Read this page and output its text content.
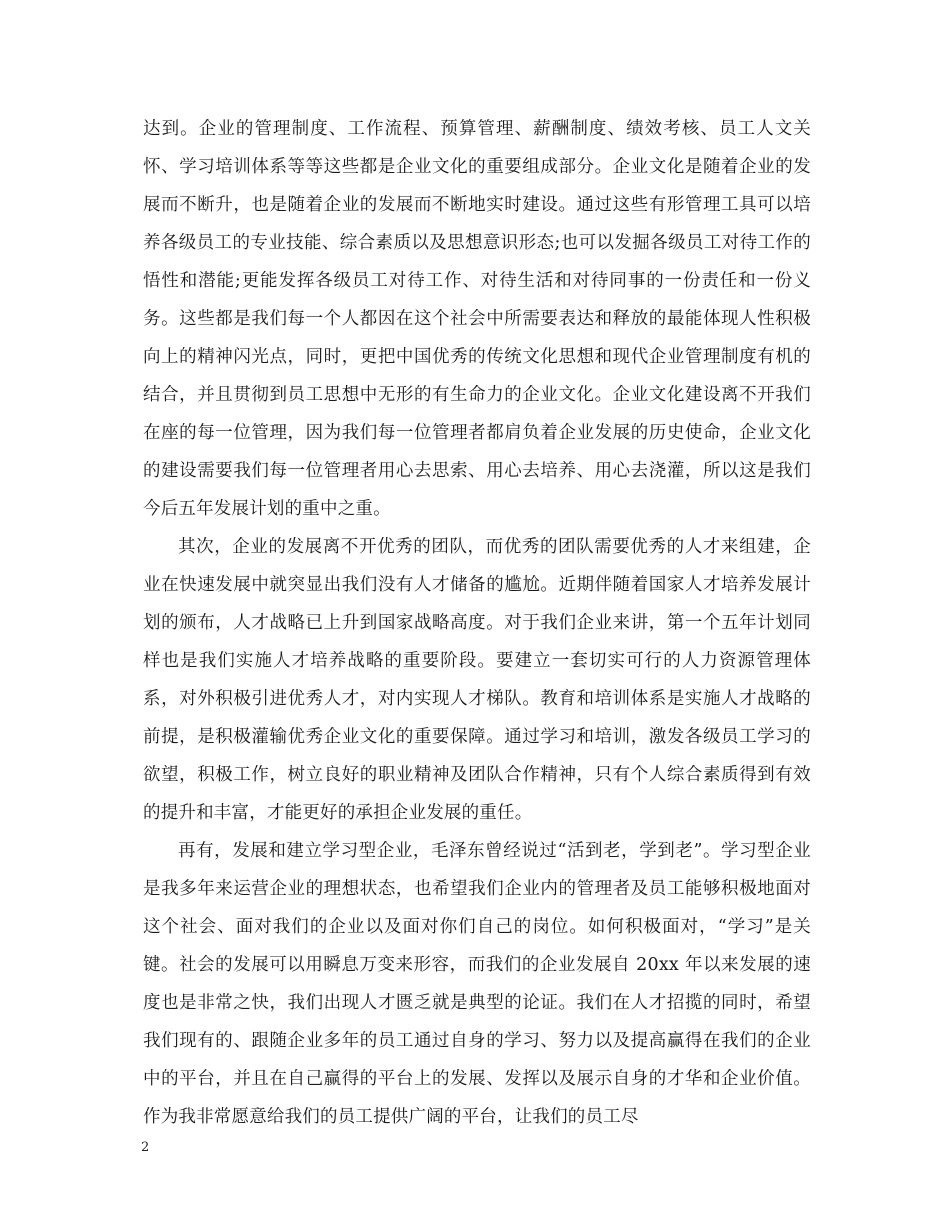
达到。企业的管理制度、工作流程、预算管理、薪酬制度、绩效考核、员工人文关怀、学习培训体系等等这些都是企业文化的重要组成部分。企业文化是随着企业的发展而不断升，也是随着企业的发展而不断地实时建设。通过这些有形管理工具可以培养各级员工的专业技能、综合素质以及思想意识形态;也可以发掘各级员工对待工作的悟性和潜能;更能发挥各级员工对待工作、对待生活和对待同事的一份责任和一份义务。这些都是我们每一个人都因在这个社会中所需要表达和释放的最能体现人性积极向上的精神闪光点，同时，更把中国优秀的传统文化思想和现代企业管理制度有机的结合，并且贯彻到员工思想中无形的有生命力的企业文化。企业文化建设离不开我们在座的每一位管理，因为我们每一位管理者都肩负着企业发展的历史使命，企业文化的建设需要我们每一位管理者用心去思索、用心去培养、用心去浇灌，所以这是我们今后五年发展计划的重中之重。

其次，企业的发展离不开优秀的团队，而优秀的团队需要优秀的人才来组建，企业在快速发展中就突显出我们没有人才储备的尴尬。近期伴随着国家人才培养发展计划的颁布，人才战略已上升到国家战略高度。对于我们企业来讲，第一个五年计划同样也是我们实施人才培养战略的重要阶段。要建立一套切实可行的人力资源管理体系，对外积极引进优秀人才，对内实现人才梯队。教育和培训体系是实施人才战略的前提，是积极灌输优秀企业文化的重要保障。通过学习和培训，激发各级员工学习的欲望，积极工作，树立良好的职业精神及团队合作精神，只有个人综合素质得到有效的提升和丰富，才能更好的承担企业发展的重任。

再有，发展和建立学习型企业，毛泽东曾经说过“活到老，学到老”。学习型企业是我多年来运营企业的理想状态，也希望我们企业内的管理者及员工能够积极地面对这个社会、面对我们的企业以及面对你们自己的岗位。如何积极面对，“学习”是关键。社会的发展可以用瞬息万变来形容，而我们的企业发展自 20xx 年以来发展的速度也是非常之快，我们出现人才匮乏就是典型的论证。我们在人才招揽的同时，希望我们现有的、跟随企业多年的员工通过自身的学习、努力以及提高赢得在我们的企业中的平台，并且在自己赢得的平台上的发展、发挥以及展示自身的才华和企业价值。作为我非常愿意给我们的员工提供广阔的平台，让我们的员工尽

2
